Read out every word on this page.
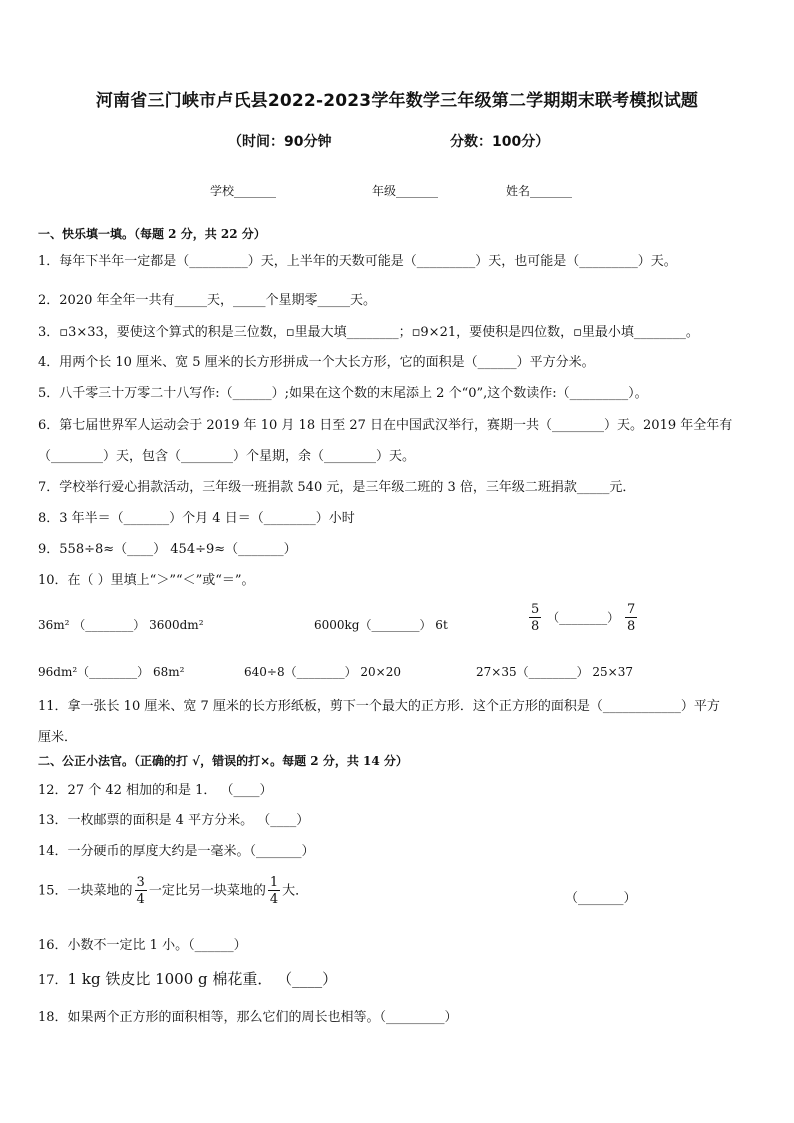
河南省三门峡市卢氏县2022-2023学年数学三年级第二学期期末联考模拟试题
（时间：90分钟	分数：100分）
学校_______	年级_______	姓名_______
一、快乐填一填。（每题 2 分，共 22 分）
1．每年下半年一定都是（_________）天，上半年的天数可能是（_________）天，也可能是（_________）天。
2．2020 年全年一共有_____天，_____个星期零_____天。
3．▫3×33，要使这个算式的积是三位数，▫里最大填________；▫9×21，要使积是四位数，▫里最小填________。
4．用两个长 10 厘米、宽 5 厘米的长方形拼成一个大长方形，它的面积是（______）平方分米。
5．八千零三十万零二十八写作:（______）;如果在这个数的末尾添上 2 个“0”,这个数读作:（_________）。
6．第七届世界军人运动会于 2019 年 10 月 18 日至 27 日在中国武汉举行，赛期一共（________）天。2019 年全年有
（________）天，包含（________）个星期，余（________）天。
7．学校举行爱心捐款活动，三年级一班捐款 540 元，是三年级二班的 3 倍，三年级二班捐款_____元．
8．3 年半＝（_______）个月 4 日＝（________）小时
9．558÷8≈（____） 454÷9≈（_______）
10．在（ ）里填上“＞”“＜”或“＝”。
36m² （________） 3600dm²	6000kg（________） 6t	$\frac{5}{8}$ （________） $\frac{7}{8}$
96dm²（________） 68m²	640÷8（________） 20×20	27×35（________） 25×37
11．拿一张长 10 厘米、宽 7 厘米的长方形纸板，剪下一个最大的正方形．这个正方形的面积是（____________）平方
厘米．
二、公正小法官。（正确的打 √，错误的打×。每题 2 分，共 14 分）
12．27 个 42 相加的和是 1． （____）
13．一枚邮票的面积是 4 平方分米。 （____）
14．一分硬币的厚度大约是一毫米。（_______）
15．一块菜地的 $\frac{3}{4}$ 一定比另一块菜地的 $\frac{1}{4}$ 大．	（_______）
16．小数不一定比 1 小。（______）
17．1 kg 铁皮比 1000 g 棉花重． （____）
18．如果两个正方形的面积相等，那么它们的周长也相等。（_________）
